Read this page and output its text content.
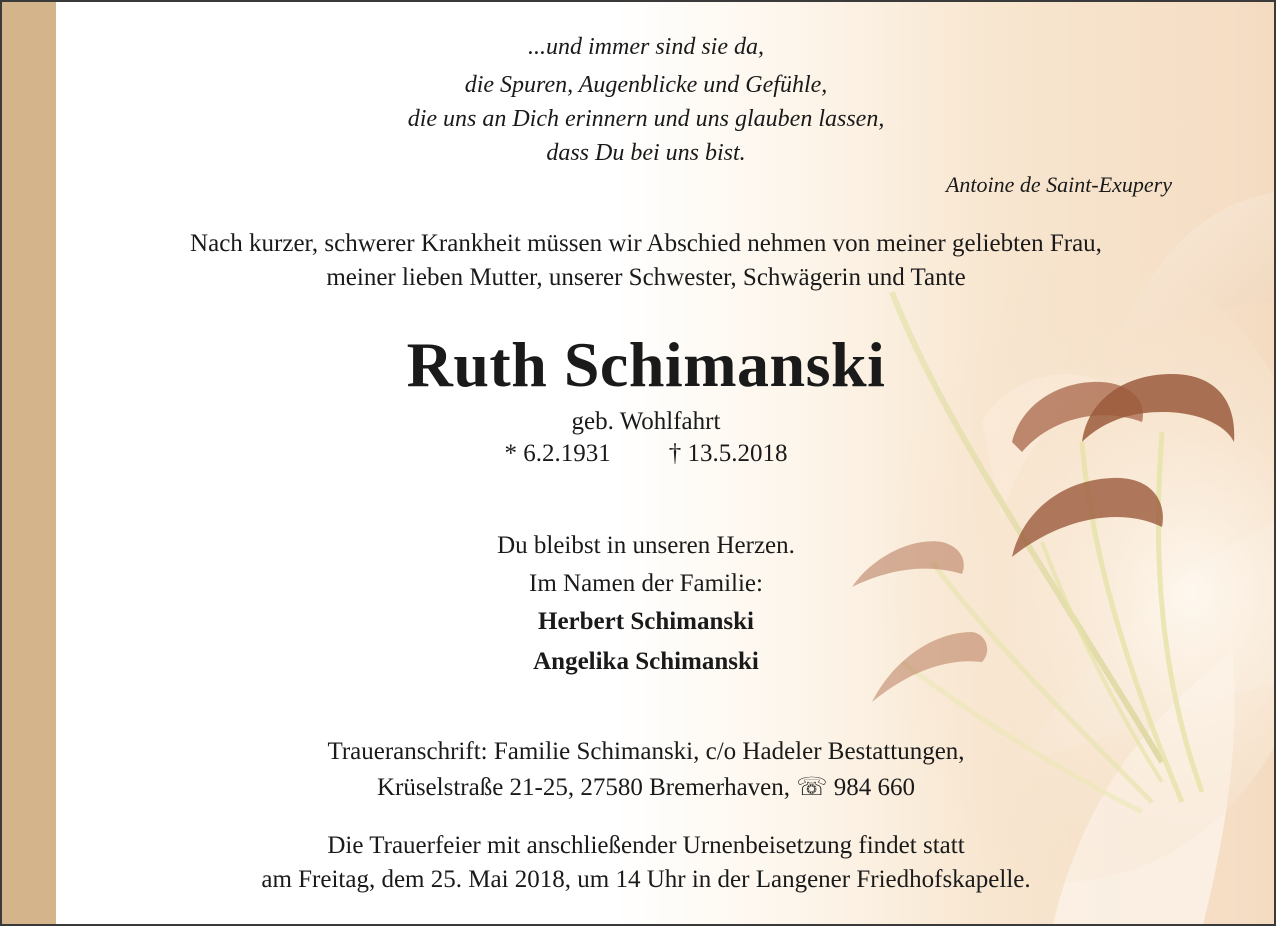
...und immer sind sie da,
die Spuren, Augenblicke und Gefühle,
die uns an Dich erinnern und uns glauben lassen,
dass Du bei uns bist.
Antoine de Saint-Exupery
Nach kurzer, schwerer Krankheit müssen wir Abschied nehmen von meiner geliebten Frau,
meiner lieben Mutter, unserer Schwester, Schwägerin und Tante
Ruth Schimanski
geb. Wohlfahrt
* 6.2.1931 † 13.5.2018
Du bleibst in unseren Herzen.
Im Namen der Familie:
Herbert Schimanski
Angelika Schimanski
Traueranschrift: Familie Schimanski, c/o Hadeler Bestattungen,
Krüselstraße 21-25, 27580 Bremerhaven, ☏ 984 660
Die Trauerfeier mit anschließender Urnenbeisetzung findet statt
am Freitag, dem 25. Mai 2018, um 14 Uhr in der Langener Friedhofskapelle.
